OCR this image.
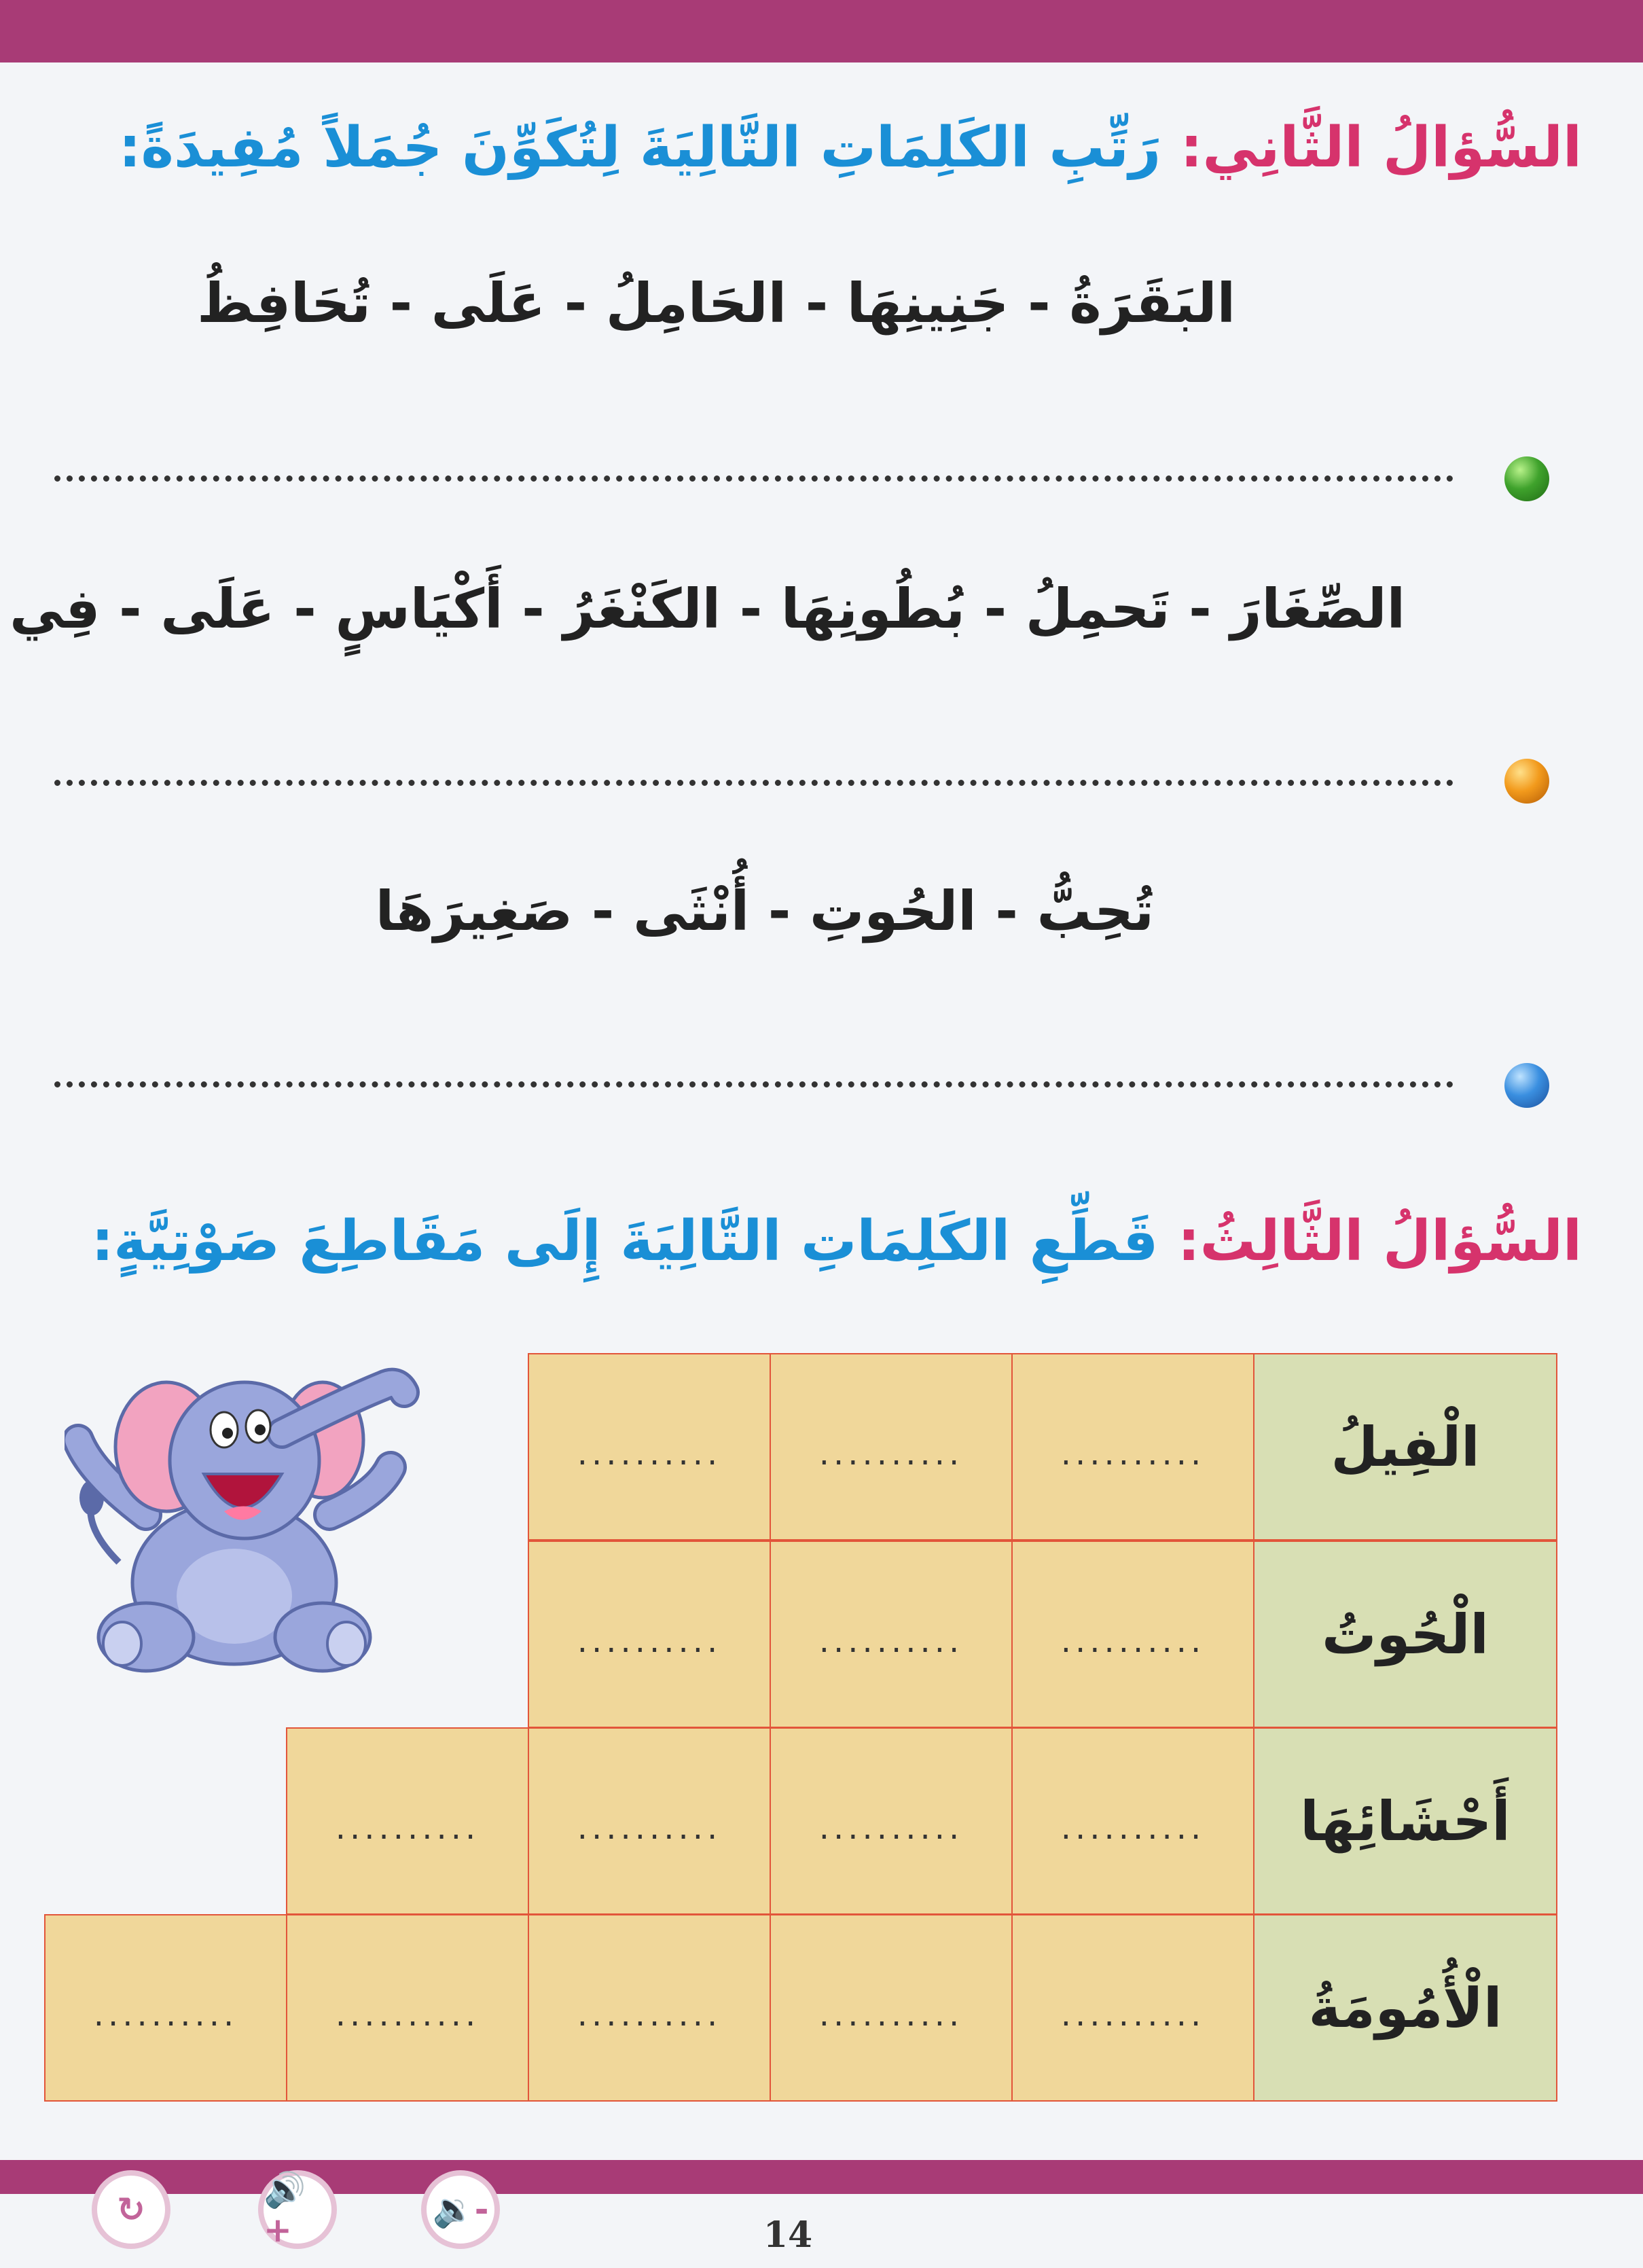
السُّؤالُ الثَّانِي: رَتِّبِ الكَلِمَاتِ التَّالِيَةَ لِتُكَوِّنَ جُمَلاً مُفِيدَةً:
البَقَرَةُ - جَنِينِهَا - الحَامِلُ - عَلَى - تُحَافِظُ
الصِّغَارَ - تَحمِلُ - بُطُونِهَا - الكَنْغَرُ - أَكْيَاسٍ - عَلَى - فِي
تُحِبُّ - الحُوتِ - أُنْثَى - صَغِيرَهَا
السُّؤالُ الثَّالِثُ: قَطِّعِ الكَلِمَاتِ التَّالِيَةَ إِلَى مَقَاطِعَ صَوْتِيَّةٍ:
الْفِيلُ
..........
..........
..........
الْحُوتُ
..........
..........
..........
أَحْشَائِهَا
..........
..........
..........
..........
الْأُمُومَةُ
..........
..........
..........
..........
..........
🔉-
🔊+
↻
14
